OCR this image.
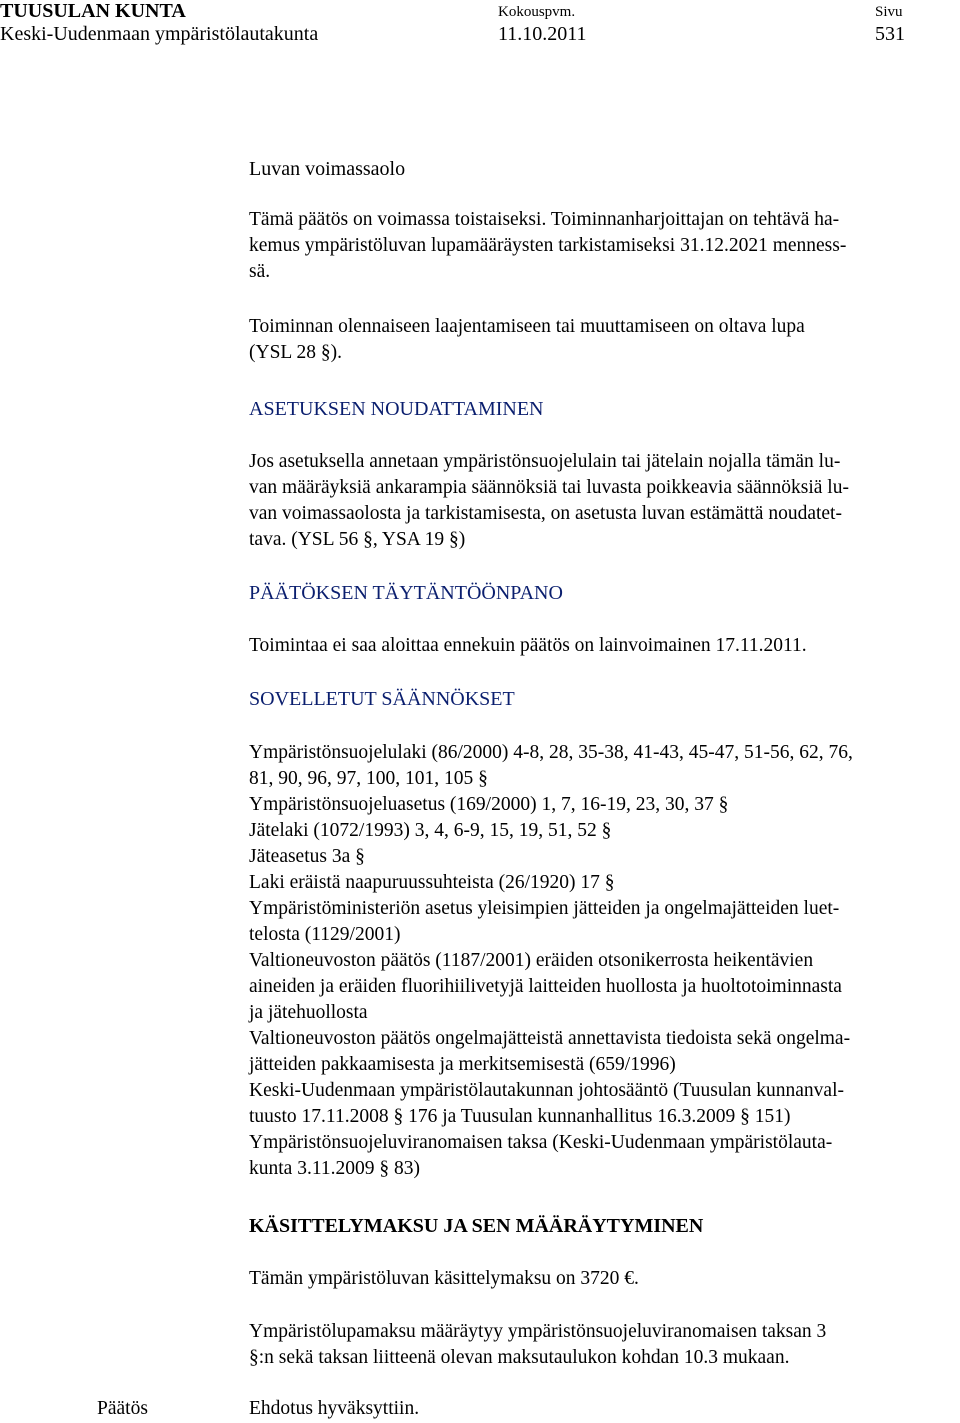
TUUSULAN KUNTA
Keski-Uudenmaan ympäristölautakunta
Kokouspvm.
11.10.2011
Sivu
531
Luvan voimassaolo
Tämä päätös on voimassa toistaiseksi. Toiminnanharjoittajan on tehtävä ha-
kemus ympäristöluvan lupamääräysten tarkistamiseksi 31.12.2021 menness-
sä.
Toiminnan olennaiseen laajentamiseen tai muuttamiseen on oltava lupa
(YSL 28 §).
ASETUKSEN NOUDATTAMINEN
Jos asetuksella annetaan ympäristönsuojelulain tai jätelain nojalla tämän lu-
van määräyksiä ankarampia säännöksiä tai luvasta poikkeavia säännöksiä lu-
van voimassaolosta ja tarkistamisesta, on asetusta luvan estämättä noudatet-
tava. (YSL 56 §, YSA 19 §)
PÄÄTÖKSEN TÄYTÄNTÖÖNPANO
Toimintaa ei saa aloittaa ennekuin päätös on lainvoimainen 17.11.2011.
SOVELLETUT SÄÄNNÖKSET
Ympäristönsuojelulaki (86/2000) 4-8, 28, 35-38, 41-43, 45-47, 51-56, 62, 76,
81, 90, 96, 97, 100, 101, 105 §
Ympäristönsuojeluasetus (169/2000) 1, 7, 16-19, 23, 30, 37 §
Jätelaki (1072/1993) 3, 4, 6-9, 15, 19, 51, 52 §
Jäteasetus 3a §
Laki eräistä naapuruussuhteista (26/1920) 17 §
Ympäristöministeriön asetus yleisimpien jätteiden ja ongelmajätteiden luet-
telosta (1129/2001)
Valtioneuvoston päätös (1187/2001) eräiden otsonikerrosta heikentävien
aineiden ja eräiden fluorihiilivetyjä laitteiden huollosta ja huoltotoiminnasta
ja jätehuollosta
Valtioneuvoston päätös ongelmajätteistä annettavista tiedoista sekä ongelma-
jätteiden pakkaamisesta ja merkitsemisestä (659/1996)
Keski-Uudenmaan ympäristölautakunnan johtosääntö (Tuusulan kunnanval-
tuusto 17.11.2008 § 176 ja Tuusulan kunnanhallitus 16.3.2009 § 151)
Ympäristönsuojeluviranomaisen taksa (Keski-Uudenmaan ympäristölauta-
kunta 3.11.2009 § 83)
KÄSITTELYMAKSU JA SEN MÄÄRÄYTYMINEN
Tämän ympäristöluvan käsittelymaksu on 3720 €.
Ympäristölupamaksu määräytyy ympäristönsuojeluviranomaisen taksan 3
§:n sekä taksan liitteenä olevan maksutaulukon kohdan 10.3 mukaan.
Päätös	Ehdotus hyväksyttiin.
